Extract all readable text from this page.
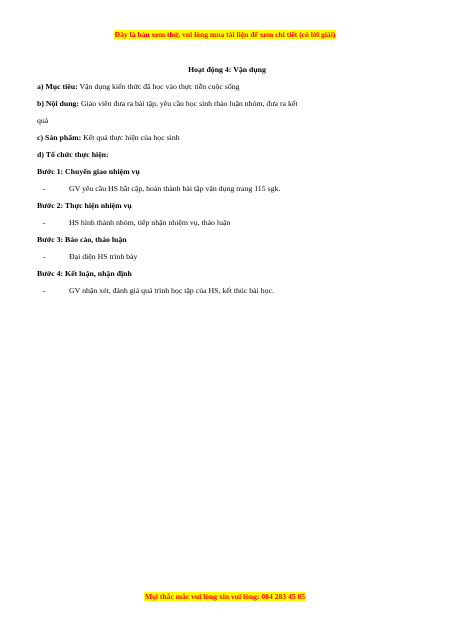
Đây là bản xem thử, vui lòng mua tài liệu để xem chi tiết (có lời giải)
Hoạt động 4: Vận dụng
a) Mục tiêu: Vận dụng kiến thức đã học vào thực tiễn cuộc sống
b) Nội dung: Giáo viên đưa ra bài tập, yêu cầu học sinh thảo luận nhóm, đưa ra kết
quả
c) Sản phẩm: Kết quả thực hiện của học sinh
d) Tổ chức thực hiện:
Bước 1: Chuyển giao nhiệm vụ
-	GV yêu cầu HS bắt cặp, hoàn thành bài tập vận dụng trang 115 sgk.
Bước 2: Thực hiện nhiệm vụ
-	HS hình thành nhóm, tiếp nhận nhiệm vụ, thảo luận
Bước 3: Báo cáo, thảo luận
-	Đại diện HS trình bày
Bước 4: Kết luận, nhận định
-	GV nhận xét, đánh giá quá trình học tập của HS, kết thúc bài học.
Mọi thắc mắc vui lòng xin vui lòng: 084 283 45 85
